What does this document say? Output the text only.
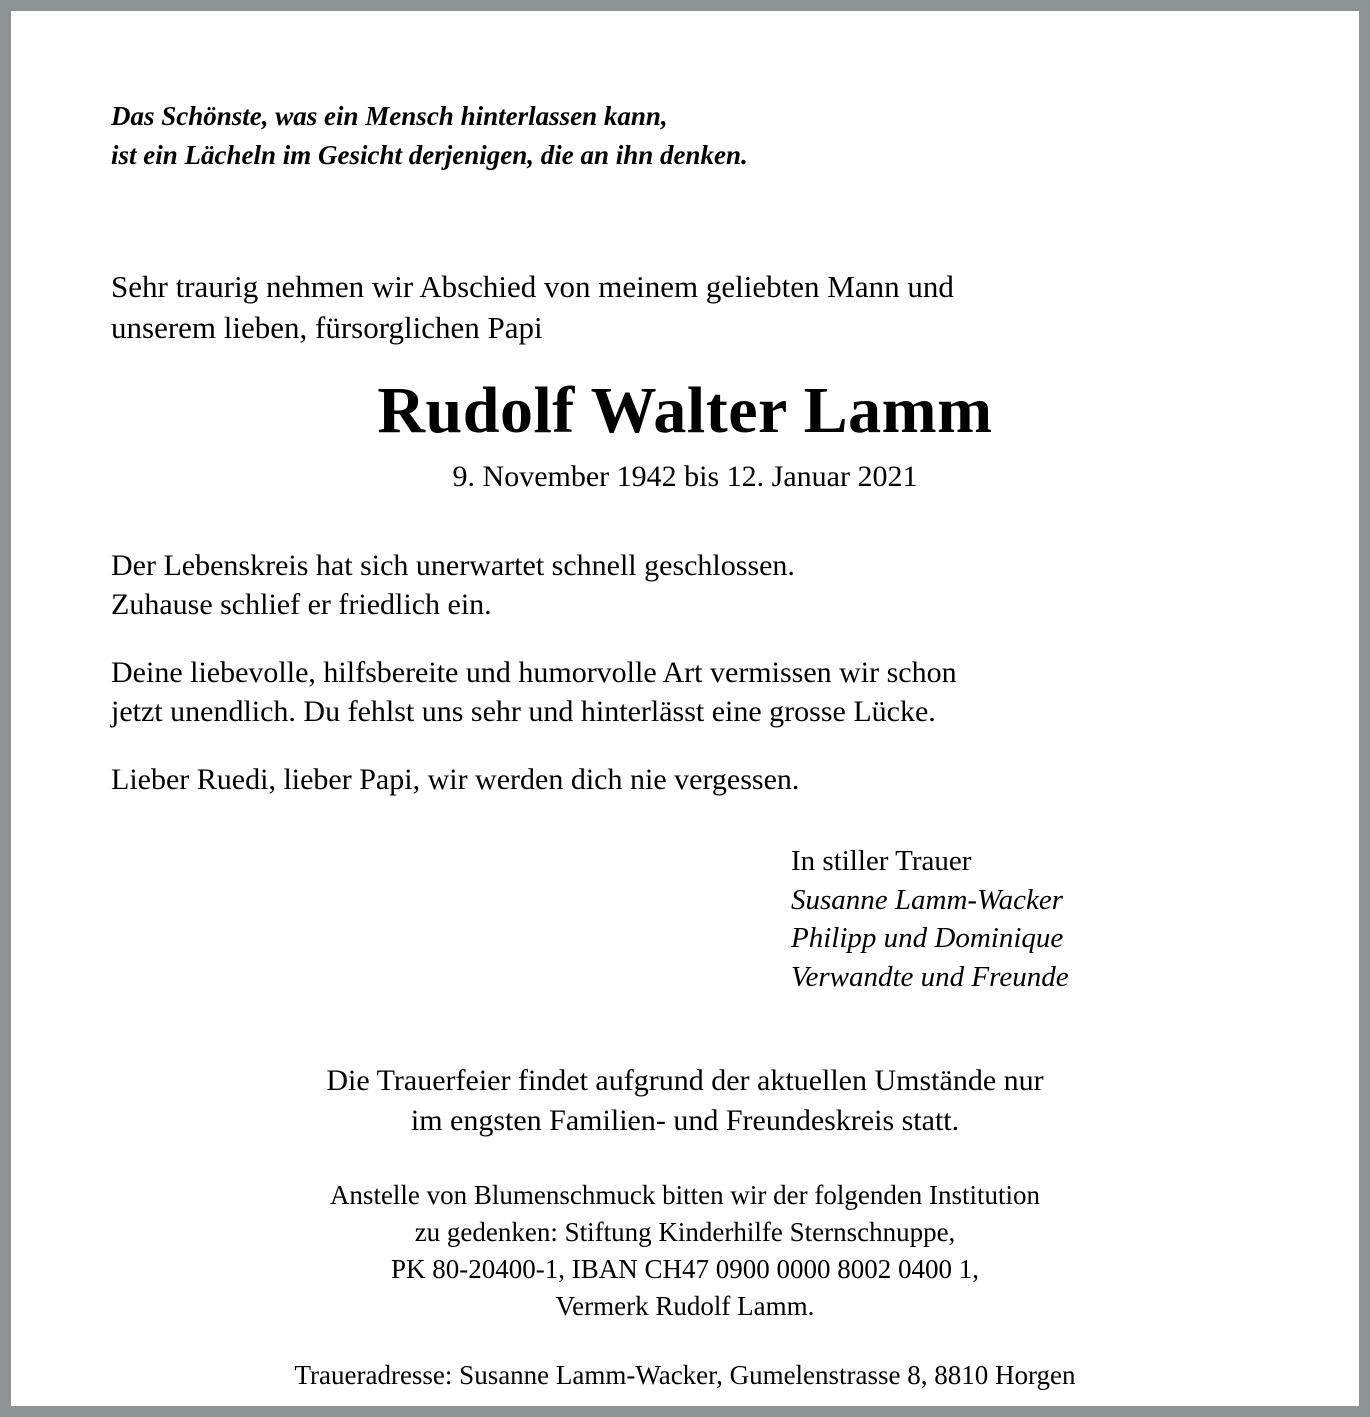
Das Schönste, was ein Mensch hinterlassen kann,
ist ein Lächeln im Gesicht derjenigen, die an ihn denken.
Sehr traurig nehmen wir Abschied von meinem geliebten Mann und
unserem lieben, fürsorglichen Papi
Rudolf Walter Lamm
9. November 1942 bis 12. Januar 2021
Der Lebenskreis hat sich unerwartet schnell geschlossen.
Zuhause schlief er friedlich ein.
Deine liebevolle, hilfsbereite und humorvolle Art vermissen wir schon
jetzt unendlich. Du fehlst uns sehr und hinterlässt eine grosse Lücke.
Lieber Ruedi, lieber Papi, wir werden dich nie vergessen.
In stiller Trauer
Susanne Lamm-Wacker
Philipp und Dominique
Verwandte und Freunde
Die Trauerfeier findet aufgrund der aktuellen Umstände nur
im engsten Familien- und Freundeskreis statt.
Anstelle von Blumenschmuck bitten wir der folgenden Institution
zu gedenken: Stiftung Kinderhilfe Sternschnuppe,
PK 80-20400-1, IBAN CH47 0900 0000 8002 0400 1,
Vermerk Rudolf Lamm.
Traueradresse: Susanne Lamm-Wacker, Gumelenstrasse 8, 8810 Horgen
